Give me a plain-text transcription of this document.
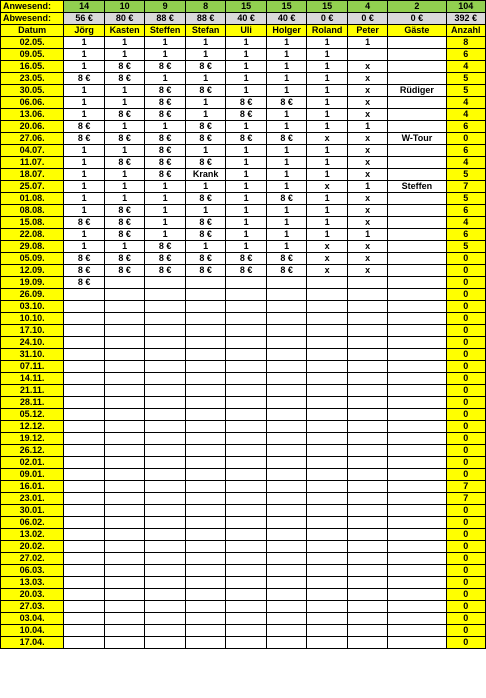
Anwesend:	14	10	9	8	15	15	15	4	2	104
Abwesend:	56 €	80 €	88 €	88 €	40 €	40 €	0 €	0 €	0 €	392 €
Datum	Jörg	Kasten	Steffen	Stefan	Uli	Holger	Roland	Peter	Gäste	Anzahl
02.05.	1	1	1	1	1	1	1	1		8
09.05.	1	1	1	1	1	1	1			6
16.05.	1	8 €	8 €	8 €	1	1	1	x		4
23.05.	8 €	8 €	1	1	1	1	1	x		5
30.05.	1	1	8 €	8 €	1	1	1	x	Rüdiger	5
06.06.	1	1	8 €	1	8 €	8 €	1	x		4
13.06.	1	8 €	8 €	1	8 €	1	1	x		4
20.06.	8 €	1	1	8 €	1	1	1	1		6
27.06.	8 €	8 €	8 €	8 €	8 €	8 €	x	x	W-Tour	0
04.07.	1	1	8 €	1	1	1	1	x		6
11.07.	1	8 €	8 €	8 €	1	1	1	x		4
18.07.	1	1	8 €	Krank	1	1	1	x		5
25.07.	1	1	1	1	1	1	x	1	Steffen	7
01.08.	1	1	1	8 €	1	8 €	1	x		5
08.08.	1	8 €	1	1	1	1	1	x		6
15.08.	8 €	8 €	1	8 €	1	1	1	x		4
22.08.	1	8 €	1	8 €	1	1	1	1		6
29.08.	1	1	8 €	1	1	1	x	x		5
05.09.	8 €	8 €	8 €	8 €	8 €	8 €	x	x		0
12.09.	8 €	8 €	8 €	8 €	8 €	8 €	x	x		0
19.09.	8 €									0
26.09.										0
03.10.										0
10.10.										0
17.10.										0
24.10.										0
31.10.										0
07.11.										0
14.11.										0
21.11.										0
28.11.										0
05.12.										0
12.12.										0
19.12.										0
26.12.										0
02.01.										0
09.01.										0
16.01.										7
23.01.										7
30.01.										0
06.02.										0
13.02.										0
20.02.										0
27.02.										0
06.03.										0
13.03.										0
20.03.										0
27.03.										0
03.04.										0
10.04.										0
17.04.										0
